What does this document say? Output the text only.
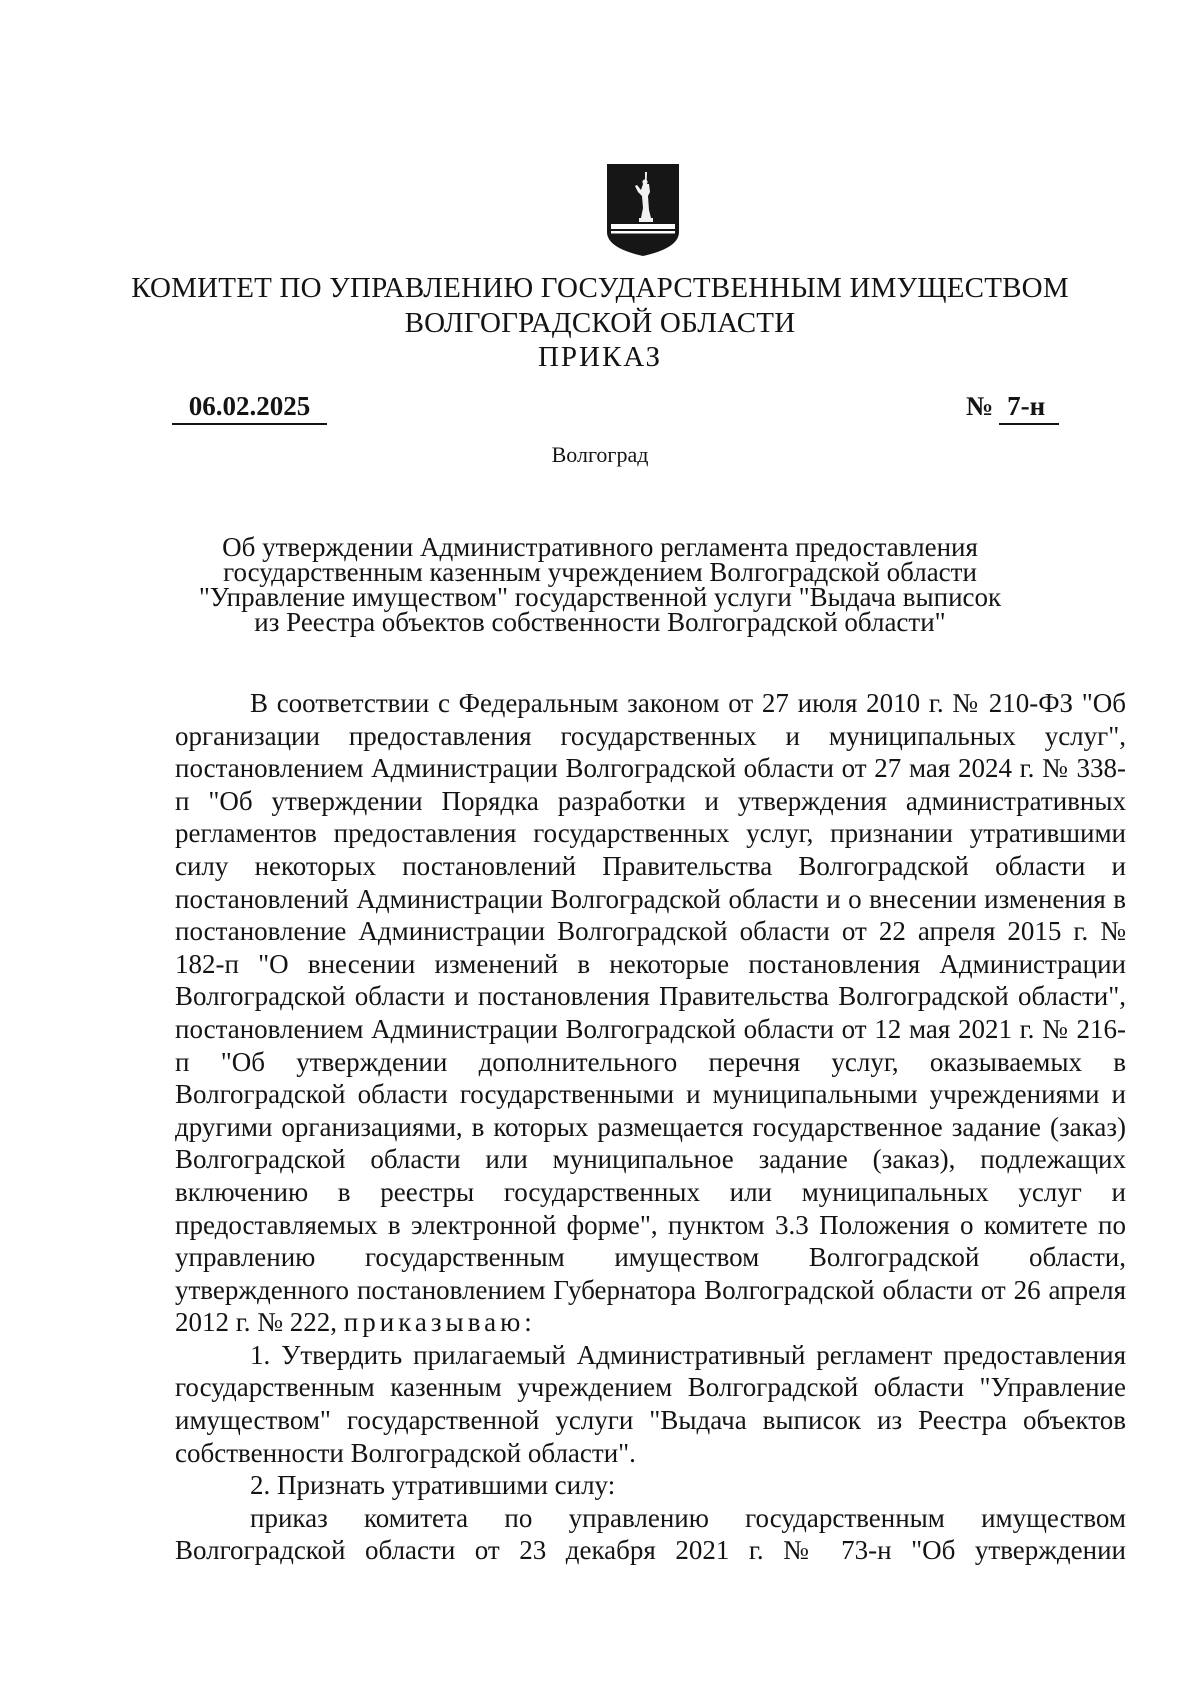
КОМИТЕТ ПО УПРАВЛЕНИЮ ГОСУДАРСТВЕННЫМ ИМУЩЕСТВОМ
ВОЛГОГРАДСКОЙ ОБЛАСТИ
ПРИКАЗ
06.02.2025	№ 7-н
Волгоград
Об утверждении Административного регламента предоставления
государственным казенным учреждением Волгоградской области
"Управление имуществом" государственной услуги "Выдача выписок
из Реестра объектов собственности Волгоградской области"

В соответствии с Федеральным законом от 27 июля 2010 г. № 210-ФЗ "Об организации предоставления государственных и муниципальных услуг", постановлением Администрации Волгоградской области от 27 мая 2024 г. № 338-п "Об утверждении Порядка разработки и утверждения административных регламентов предоставления государственных услуг, признании утратившими силу некоторых постановлений Правительства Волгоградской области и постановлений Администрации Волгоградской области и о внесении изменения в постановление Администрации Волгоградской области от 22 апреля 2015 г. № 182-п "О внесении изменений в некоторые постановления Администрации Волгоградской области и постановления Правительства Волгоградской области", постановлением Администрации Волгоградской области от 12 мая 2021 г. № 216-п "Об утверждении дополнительного перечня услуг, оказываемых в Волгоградской области государственными и муниципальными учреждениями и другими организациями, в которых размещается государственное задание (заказ) Волгоградской области или муниципальное задание (заказ), подлежащих включению в реестры государственных или муниципальных услуг и предоставляемых в электронной форме", пунктом 3.3 Положения о комитете по управлению государственным имуществом Волгоградской области, утвержденного постановлением Губернатора Волгоградской области от 26 апреля 2012 г. № 222, приказываю:

1. Утвердить прилагаемый Административный регламент предоставления государственным казенным учреждением Волгоградской области "Управление имуществом" государственной услуги "Выдача выписок из Реестра объектов собственности Волгоградской области".

2. Признать утратившими силу:

приказ комитета по управлению государственным имуществом Волгоградской области от 23 декабря 2021 г. № 73-н "Об утверждении
